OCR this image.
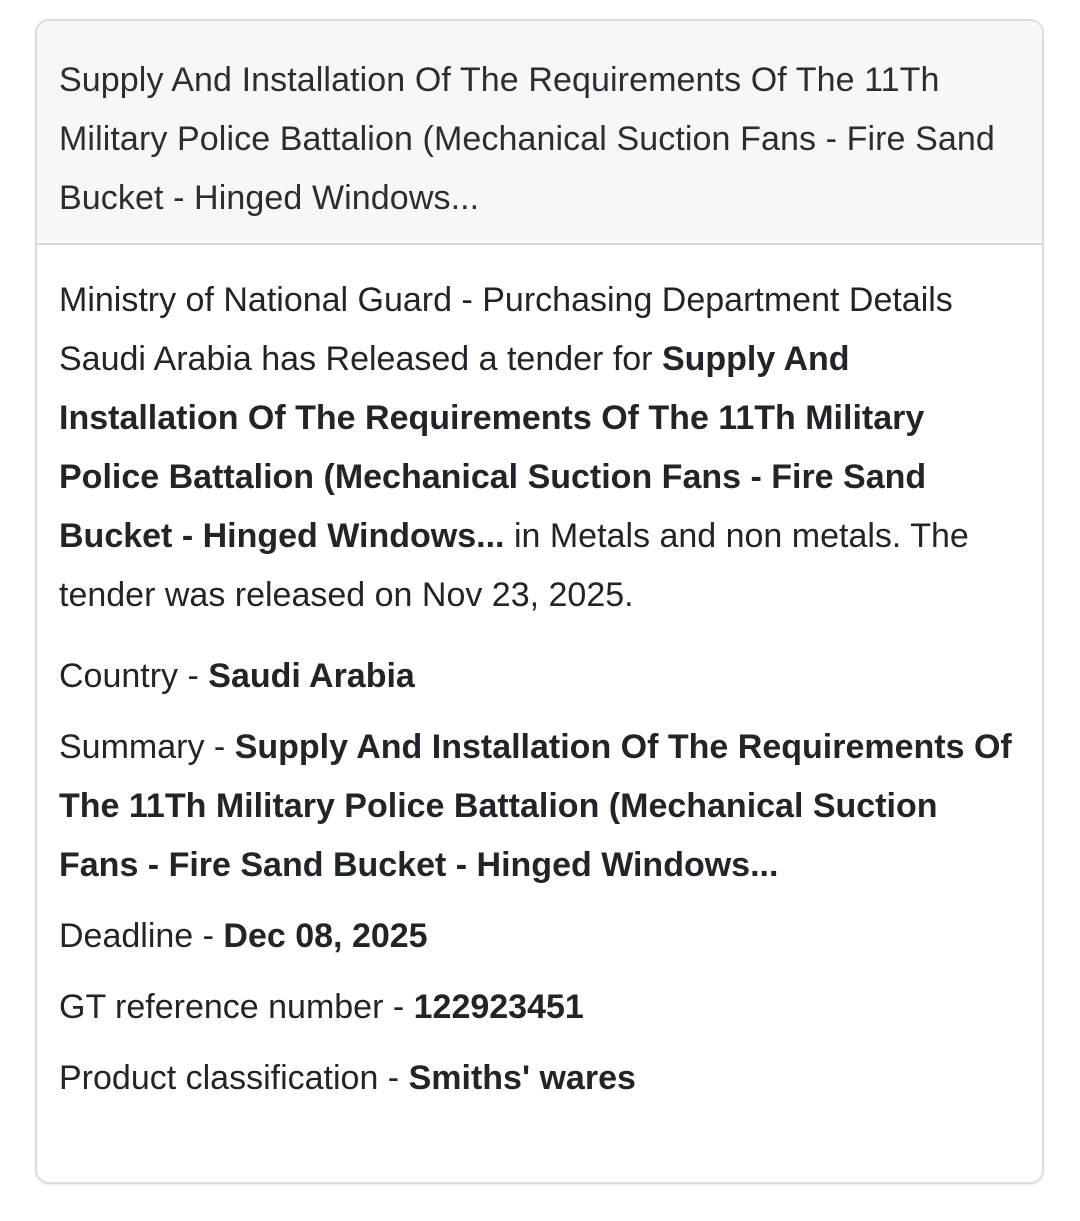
Supply And Installation Of The Requirements Of The 11Th Military Police Battalion (Mechanical Suction Fans - Fire Sand Bucket - Hinged Windows...

Ministry of National Guard - Purchasing Department Details Saudi Arabia has Released a tender for Supply And Installation Of The Requirements Of The 11Th Military Police Battalion (Mechanical Suction Fans - Fire Sand Bucket - Hinged Windows... in Metals and non metals. The tender was released on Nov 23, 2025.

Country - Saudi Arabia

Summary - Supply And Installation Of The Requirements Of The 11Th Military Police Battalion (Mechanical Suction Fans - Fire Sand Bucket - Hinged Windows...

Deadline - Dec 08, 2025

GT reference number - 122923451

Product classification - Smiths' wares
